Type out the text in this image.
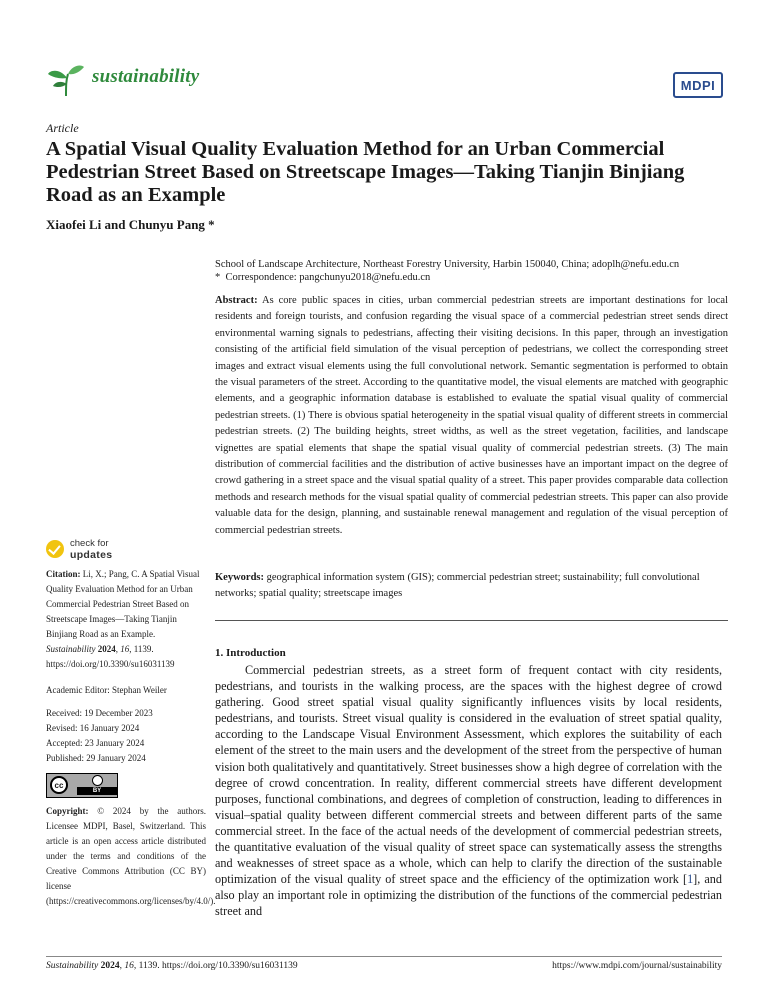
sustainability	MDPI
Article
A Spatial Visual Quality Evaluation Method for an Urban Commercial Pedestrian Street Based on Streetscape Images—Taking Tianjin Binjiang Road as an Example
Xiaofei Li and Chunyu Pang *
School of Landscape Architecture, Northeast Forestry University, Harbin 150040, China; adoplh@nefu.edu.cn
*  Correspondence: pangchunyu2018@nefu.edu.cn
Abstract: As core public spaces in cities, urban commercial pedestrian streets are important destinations for local residents and foreign tourists, and confusion regarding the visual space of a commercial pedestrian street sends direct environmental warning signals to pedestrians, affecting their visiting decisions. In this paper, through an investigation consisting of the artificial field simulation of the visual perception of pedestrians, we collect the corresponding street images and extract visual elements using the full convolutional network. Semantic segmentation is performed to obtain the visual parameters of the street. According to the quantitative model, the visual elements are matched with geographic elements, and a geographic information database is established to evaluate the spatial visual quality of commercial pedestrian streets. (1) There is obvious spatial heterogeneity in the spatial visual quality of different streets in commercial pedestrian streets. (2) The building heights, street widths, as well as the street vegetation, facilities, and landscape vignettes are spatial elements that shape the spatial visual quality of commercial pedestrian streets. (3) The main distribution of commercial facilities and the distribution of active businesses have an important impact on the degree of crowd gathering in a street space and the visual spatial quality of a street. This paper provides comparable data collection methods and research methods for the visual spatial quality of commercial pedestrian streets. This paper can also provide valuable data for the design, planning, and sustainable renewal management and regulation of the visual perception of commercial pedestrian streets.
Keywords: geographical information system (GIS); commercial pedestrian street; sustainability; full convolutional networks; spatial quality; streetscape images
1. Introduction
Commercial pedestrian streets, as a street form of frequent contact with city residents, pedestrians, and tourists in the walking process, are the spaces with the highest degree of crowd gathering. Good street spatial visual quality significantly influences visits by local residents, pedestrians, and tourists. Street visual quality is considered in the evaluation of street spatial quality, according to the Landscape Visual Environment Assessment, which explores the suitability of each element of the street to the main users and the development of the street from the perspective of human vision both qualitatively and quantitatively. Street businesses show a high degree of correlation with the degree of crowd concentration. In reality, different commercial streets have different development purposes, functional combinations, and degrees of completion of construction, leading to differences in visual–spatial quality between different commercial streets and between different parts of the same commercial street. In the face of the actual needs of the development of commercial pedestrian streets, the quantitative evaluation of the visual quality of street space can systematically assess the strengths and weaknesses of street space as a whole, which can help to clarify the direction of the sustainable optimization of the visual quality of street space and the efficiency of the optimization work [1], and also play an important role in optimizing the distribution of the functions of the commercial pedestrian street and
check for
updates
Citation: Li, X.; Pang, C. A Spatial Visual Quality Evaluation Method for an Urban Commercial Pedestrian Street Based on Streetscape Images—Taking Tianjin Binjiang Road as an Example. Sustainability 2024, 16, 1139. https://doi.org/10.3390/su16031139
Academic Editor: Stephan Weiler
Received: 19 December 2023
Revised: 16 January 2024
Accepted: 23 January 2024
Published: 29 January 2024
cc
BY
Copyright: © 2024 by the authors. Licensee MDPI, Basel, Switzerland. This article is an open access article distributed under the terms and conditions of the Creative Commons Attribution (CC BY) license (https://creativecommons.org/licenses/by/4.0/).
Sustainability 2024, 16, 1139. https://doi.org/10.3390/su16031139	https://www.mdpi.com/journal/sustainability
